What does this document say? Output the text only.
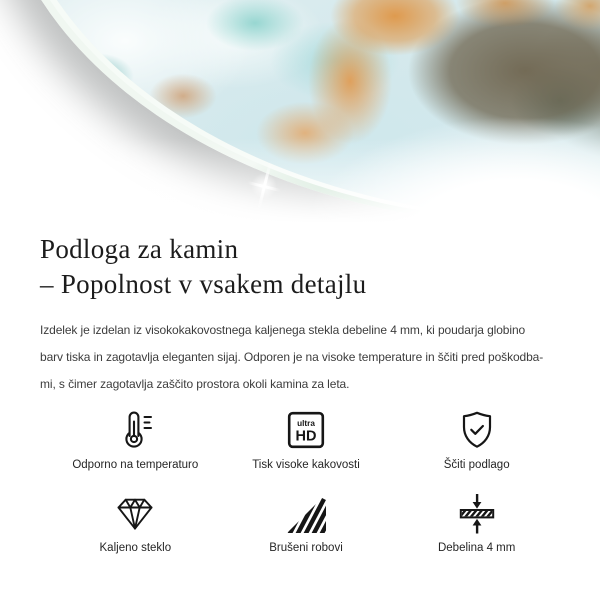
Podloga za kamin
– Popolnost v vsakem detajlu

Izdelek je izdelan iz visokokakovostnega kaljenega stekla debeline 4 mm, ki poudarja globino
barv tiska in zagotavlja eleganten sijaj. Odporen je na visoke temperature in ščiti pred poškodba-
mi, s čimer zagotavlja zaščito prostora okoli kamina za leta.

Odporno na temperaturo
ultra
HD
Tisk visoke kakovosti	Ščiti podlago
Kaljeno steklo	Brušeni robovi	Debelina 4 mm
